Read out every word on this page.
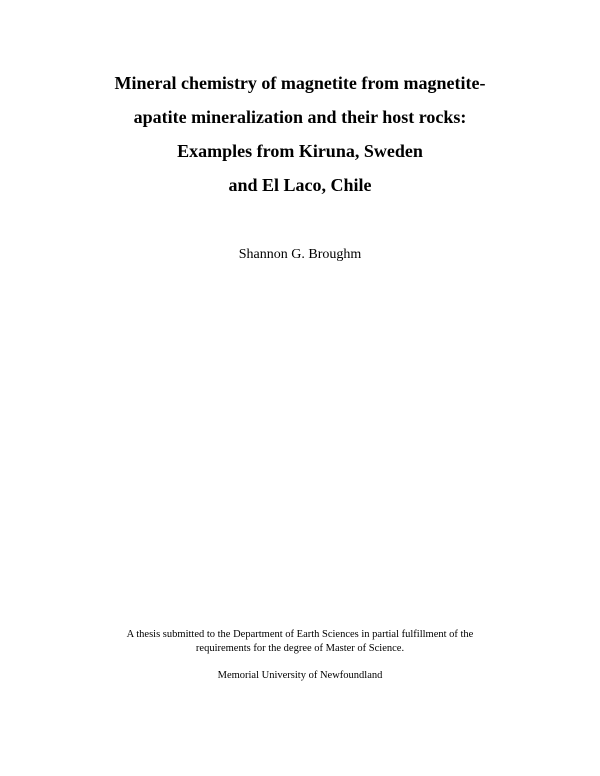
Mineral chemistry of magnetite from magnetite-
apatite mineralization and their host rocks:
Examples from Kiruna, Sweden
and El Laco, Chile
Shannon G. Broughm
A thesis submitted to the Department of Earth Sciences in partial fulfillment of the
requirements for the degree of Master of Science.
Memorial University of Newfoundland
